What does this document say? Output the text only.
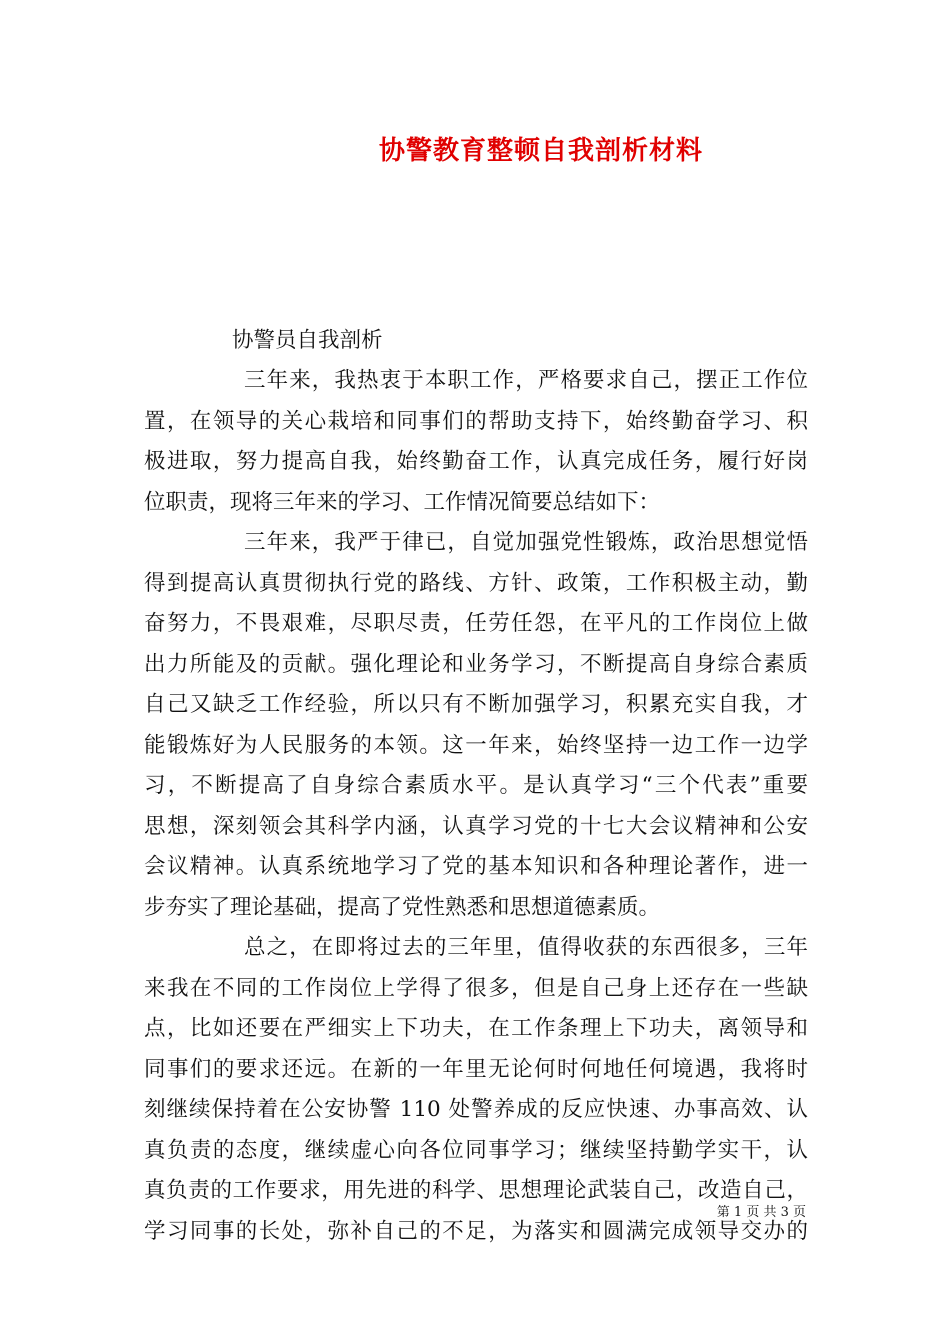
协警教育整顿自我剖析材料
协警员自我剖析
三年来，我热衷于本职工作，严格要求自己，摆正工作位
置，在领导的关心栽培和同事们的帮助支持下，始终勤奋学习、积
极进取，努力提高自我，始终勤奋工作，认真完成任务，履行好岗
位职责，现将三年来的学习、工作情况简要总结如下：
三年来，我严于律已，自觉加强党性锻炼，政治思想觉悟
得到提高认真贯彻执行党的路线、方针、政策，工作积极主动，勤
奋努力，不畏艰难，尽职尽责，任劳任怨，在平凡的工作岗位上做
出力所能及的贡献。强化理论和业务学习，不断提高自身综合素质
自己又缺乏工作经验，所以只有不断加强学习，积累充实自我，才
能锻炼好为人民服务的本领。这一年来，始终坚持一边工作一边学
习，不断提高了自身综合素质水平。是认真学习“三个代表”重要
思想，深刻领会其科学内涵，认真学习党的十七大会议精神和公安
会议精神。认真系统地学习了党的基本知识和各种理论著作，进一
步夯实了理论基础，提高了党性熟悉和思想道德素质。
总之，在即将过去的三年里，值得收获的东西很多，三年
来我在不同的工作岗位上学得了很多，但是自己身上还存在一些缺
点，比如还要在严细实上下功夫，在工作条理上下功夫，离领导和
同事们的要求还远。在新的一年里无论何时何地任何境遇，我将时
刻继续保持着在公安协警 110 处警养成的反应快速、办事高效、认
真负责的态度，继续虚心向各位同事学习；继续坚持勤学实干，认
真负责的工作要求，用先进的科学、思想理论武装自己，改造自己，
学习同事的长处，弥补自己的不足，为落实和圆满完成领导交办的
第 1 页 共 3 页
